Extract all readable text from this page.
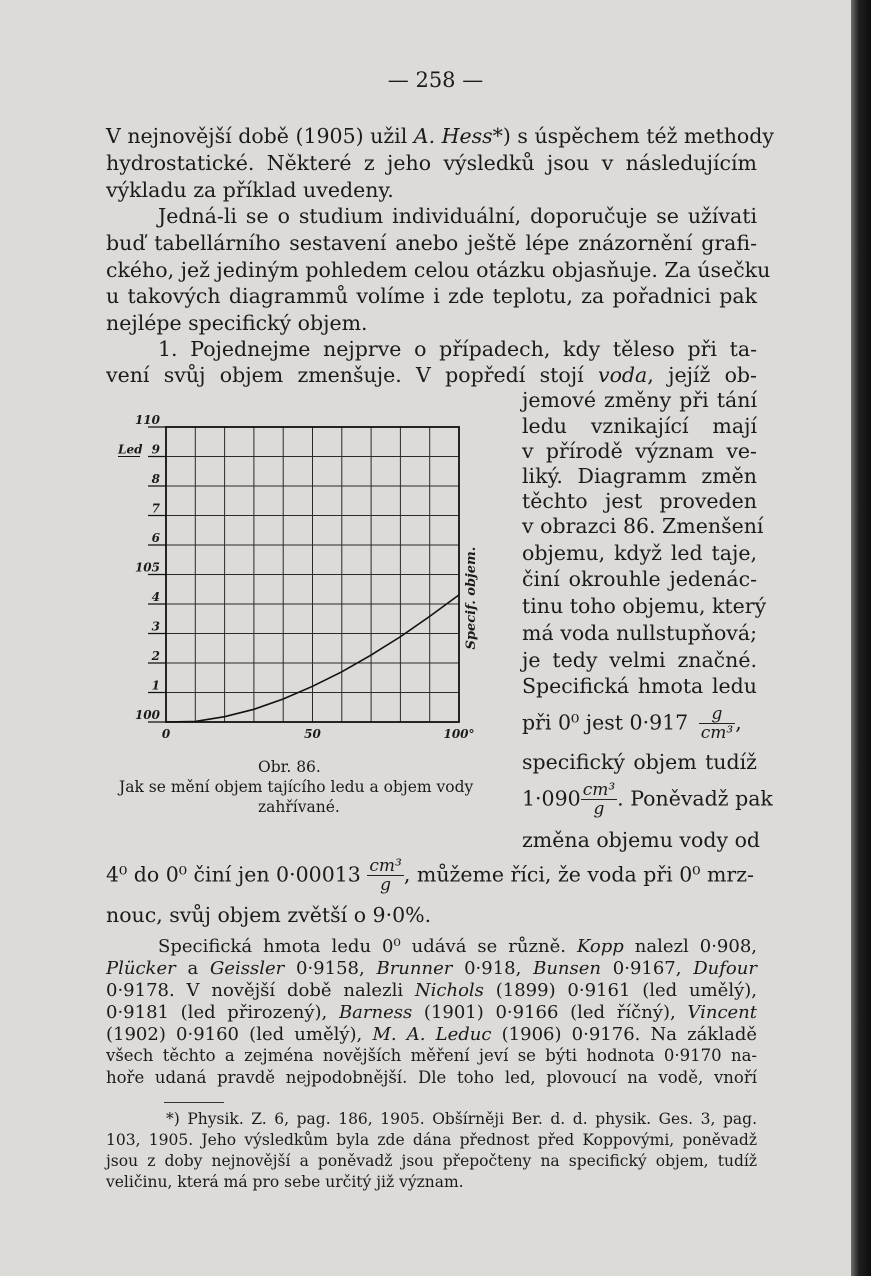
— 258 —
V nejnovější době (1905) užil A. Hess*) s úspěchem též methody
hydrostatické. Některé z jeho výsledků jsou v následujícím
výkladu za příklad uvedeny.
Jedná-li se o studium individuální, doporučuje se užívati
buď tabellárního sestavení anebo ještě lépe znázornění grafi-
ckého, jež jediným pohledem celou otázku objasňuje. Za úsečku
u takových diagrammů volíme i zde teplotu, za pořadnici pak
nejlépe specifický objem.
1. Pojednejme nejprve o případech, kdy těleso při ta-
vení svůj objem zmenšuje. V popředí stojí voda, jejíž ob-
jemové změny při tání
ledu vznikající mají
v přírodě význam ve-
liký. Diagramm změn
těchto jest proveden
v obrazci 86. Zmenšení
objemu, když led taje,
činí okrouhle jedenác-
tinu toho objemu, který
má voda nullstupňová;
je tedy velmi značné.
Specifická hmota ledu
při 0⁰ jest $0\cdot 917 \frac{g}{\text{cm³}}$ ,
specifický objem tudíž
$1\cdot 090 \frac{\text{cm³}}{g}$ . Poněvadž pak
změna objemu vody od
4⁰ do 0⁰ činí jen $0\cdot 00013 \frac{\text{cm³}}{g}$ , můžeme říci, že voda při 0⁰ mrz-
nouc, svůj objem zvětší o 9·0%.
Specifická hmota ledu 0⁰ udává se různě. Kopp nalezl 0·908,
Plücker a Geissler 0·9158, Brunner 0·918, Bunsen 0·9167, Dufour
0·9178. V novější době nalezli Nichols (1899) 0·9161 (led umělý),
0·9181 (led přirozený), Barness (1901) 0·9166 (led říčný), Vincent
(1902) 0·9160 (led umělý), M. A. Leduc (1906) 0·9176. Na základě
všech těchto a zejména novějších měření jeví se býti hodnota 0·9170 na-
hoře udaná pravdě nejpodobnější. Dle toho led, plovoucí na vodě, vnoří
*) Physik. Z. 6, pag. 186, 1905. Obšírněji Ber. d. d. physik. Ges. 3, pag.
103, 1905. Jeho výsledkům byla zde dána přednost před Koppovými, poněvadž
jsou z doby nejnovější a poněvadž jsou přepočteny na specifický objem, tudíž
veličinu, která má pro sebe určitý již význam.
100
1
2
3
4
105
6
7
8
9
110
Led
0	50	100°
Specif. objem.
Obr. 86.
Jak se mění objem tajícího ledu a objem vody
zahřívané.
